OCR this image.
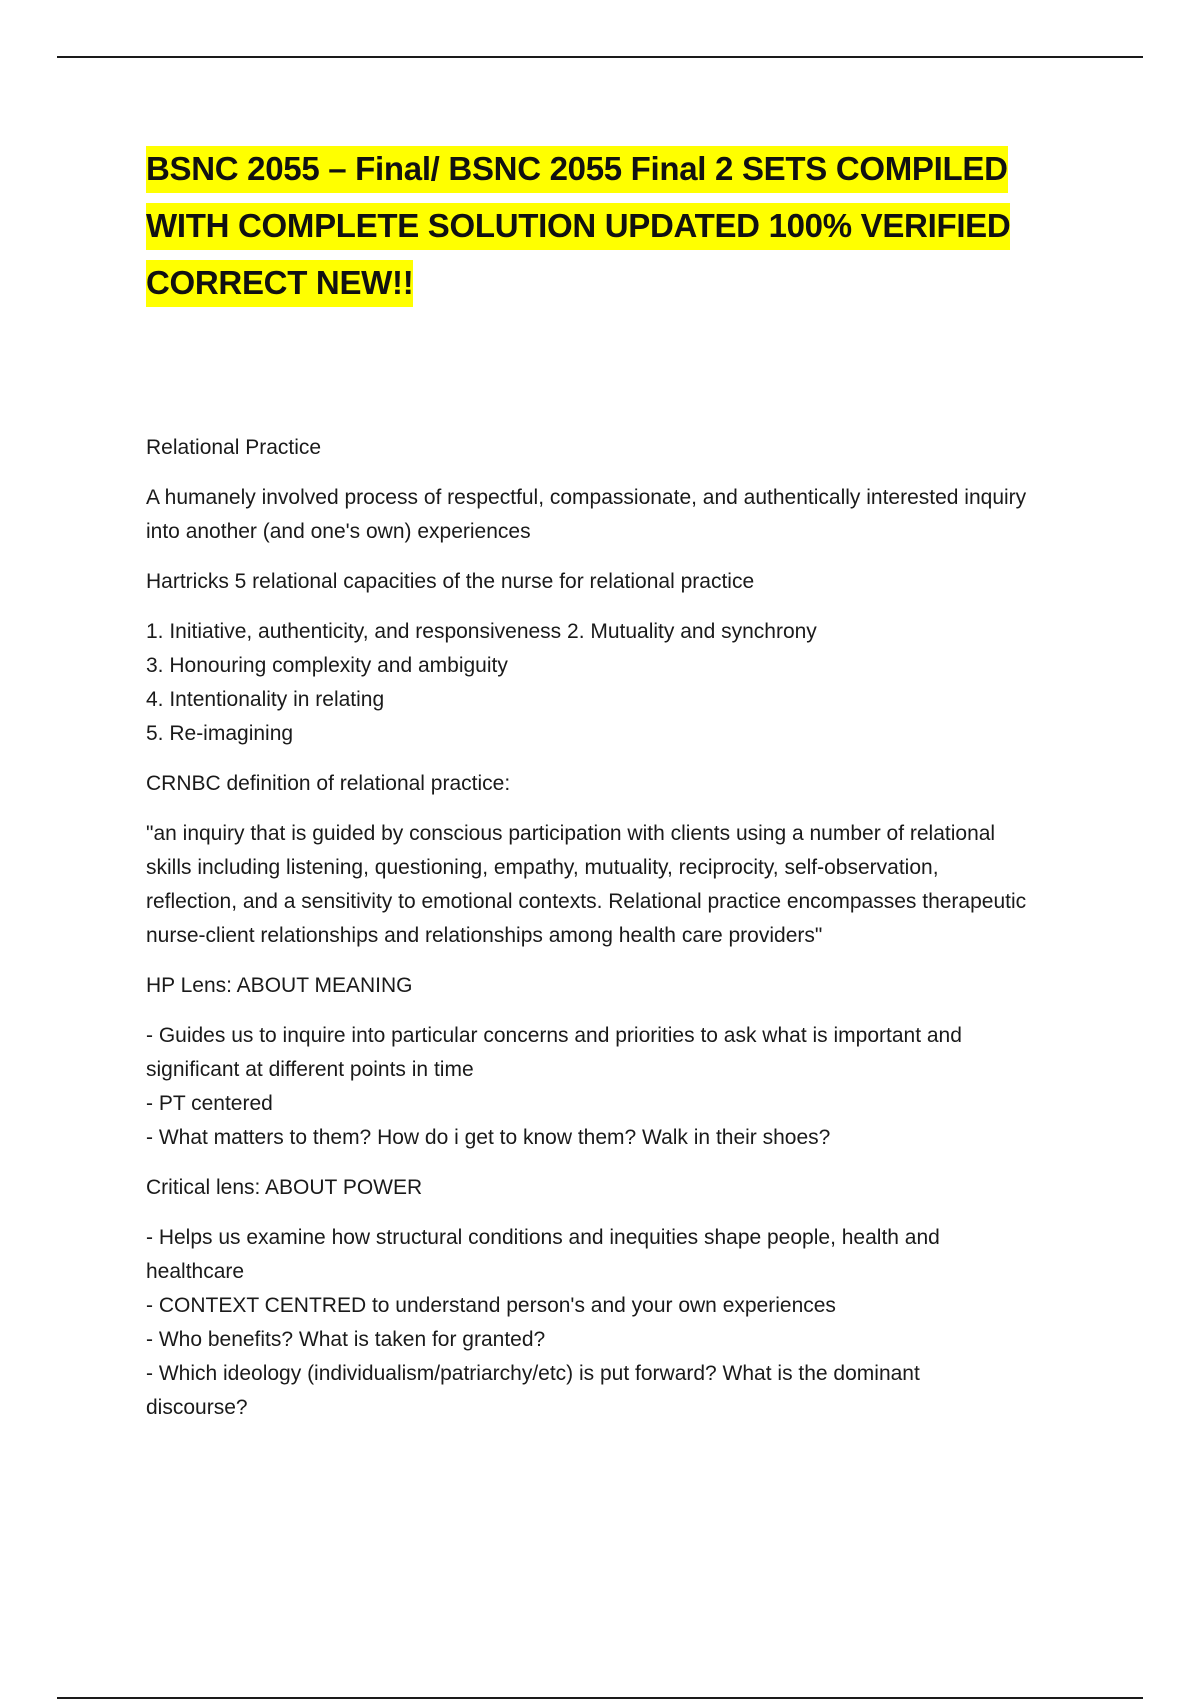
BSNC 2055 – Final/ BSNC 2055 Final 2 SETS COMPILED WITH COMPLETE SOLUTION UPDATED 100% VERIFIED CORRECT NEW!!

Relational Practice

A humanely involved process of respectful, compassionate, and authentically interested inquiry
into another (and one's own) experiences

Hartricks 5 relational capacities of the nurse for relational practice

1. Initiative, authenticity, and responsiveness 2. Mutuality and synchrony
3. Honouring complexity and ambiguity
4. Intentionality in relating
5. Re-imagining

CRNBC definition of relational practice:

"an inquiry that is guided by conscious participation with clients using a number of relational
skills including listening, questioning, empathy, mutuality, reciprocity, self-observation,
reflection, and a sensitivity to emotional contexts. Relational practice encompasses therapeutic
nurse-client relationships and relationships among health care providers"

HP Lens: ABOUT MEANING

- Guides us to inquire into particular concerns and priorities to ask what is important and
significant at different points in time
- PT centered
- What matters to them? How do i get to know them? Walk in their shoes?

Critical lens: ABOUT POWER

- Helps us examine how structural conditions and inequities shape people, health and
healthcare
- CONTEXT CENTRED to understand person's and your own experiences
- Who benefits? What is taken for granted?
- Which ideology (individualism/patriarchy/etc) is put forward? What is the dominant
discourse?
